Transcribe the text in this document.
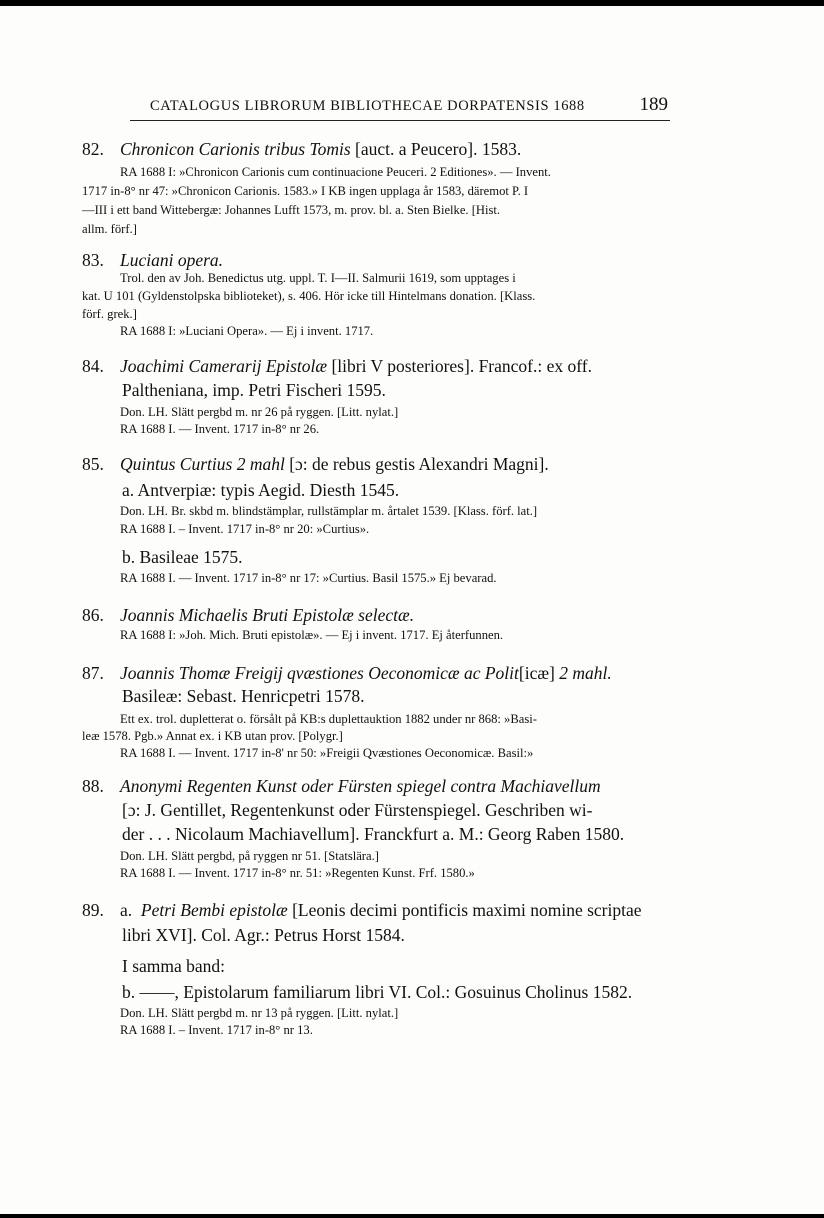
CATALOGUS LIBRORUM BIBLIOTHECAE DORPATENSIS 1688	189
82. Chronicon Carionis tribus Tomis [auct. a Peucero]. 1583.
RA 1688 I: »Chronicon Carionis cum continuacione Peuceri. 2 Editiones». — Invent.
1717 in-8° nr 47: »Chronicon Carionis. 1583.» I KB ingen upplaga år 1583, däremot P. I
—III i ett band Wittebergæ: Johannes Lufft 1573, m. prov. bl. a. Sten Bielke. [Hist.
allm. förf.]
83. Luciani opera.
Trol. den av Joh. Benedictus utg. uppl. T. I—II. Salmurii 1619, som upptages i
kat. U 101 (Gyldenstolpska biblioteket), s. 406. Hör icke till Hintelmans donation. [Klass.
förf. grek.]
RA 1688 I: »Luciani Opera». — Ej i invent. 1717.
84. Joachimi Camerarij Epistolæ [libri V posteriores]. Francof.: ex off.
Paltheniana, imp. Petri Fischeri 1595.
Don. LH. Slätt pergbd m. nr 26 på ryggen. [Litt. nylat.]
RA 1688 I. — Invent. 1717 in-8° nr 26.
85. Quintus Curtius 2 mahl [ɔ: de rebus gestis Alexandri Magni].
a. Antverpiæ: typis Aegid. Diesth 1545.
Don. LH. Br. skbd m. blindstämplar, rullstämplar m. årtalet 1539. [Klass. förf. lat.]
RA 1688 I. – Invent. 1717 in-8° nr 20: »Curtius».
b. Basileae 1575.
RA 1688 I. — Invent. 1717 in-8° nr 17: »Curtius. Basil 1575.» Ej bevarad.
86. Joannis Michaelis Bruti Epistolæ selectæ.
RA 1688 I: »Joh. Mich. Bruti epistolæ». — Ej i invent. 1717. Ej återfunnen.
87. Joannis Thomæ Freigij qvæstiones Oeconomicæ ac Polit[icæ] 2 mahl.
Basileæ: Sebast. Henricpetri 1578.
Ett ex. trol. dupletterat o. försålt på KB:s duplettauktion 1882 under nr 868: »Basi-
leæ 1578. Pgb.» Annat ex. i KB utan prov. [Polygr.]
RA 1688 I. — Invent. 1717 in-8' nr 50: »Freigii Qvæstiones Oeconomicæ. Basil:»
88. Anonymi Regenten Kunst oder Fürsten spiegel contra Machiavellum
[ɔ: J. Gentillet, Regentenkunst oder Fürstenspiegel. Geschriben wi-
der . . . Nicolaum Machiavellum]. Franckfurt a. M.: Georg Raben 1580.
Don. LH. Slätt pergbd, på ryggen nr 51. [Statslära.]
RA 1688 I. — Invent. 1717 in-8° nr. 51: »Regenten Kunst. Frf. 1580.»
89. a. Petri Bembi epistolæ [Leonis decimi pontificis maximi nomine scriptae
libri XVI]. Col. Agr.: Petrus Horst 1584.
I samma band:
b. ——, Epistolarum familiarum libri VI. Col.: Gosuinus Cholinus 1582.
Don. LH. Slätt pergbd m. nr 13 på ryggen. [Litt. nylat.]
RA 1688 I. – Invent. 1717 in-8° nr 13.
